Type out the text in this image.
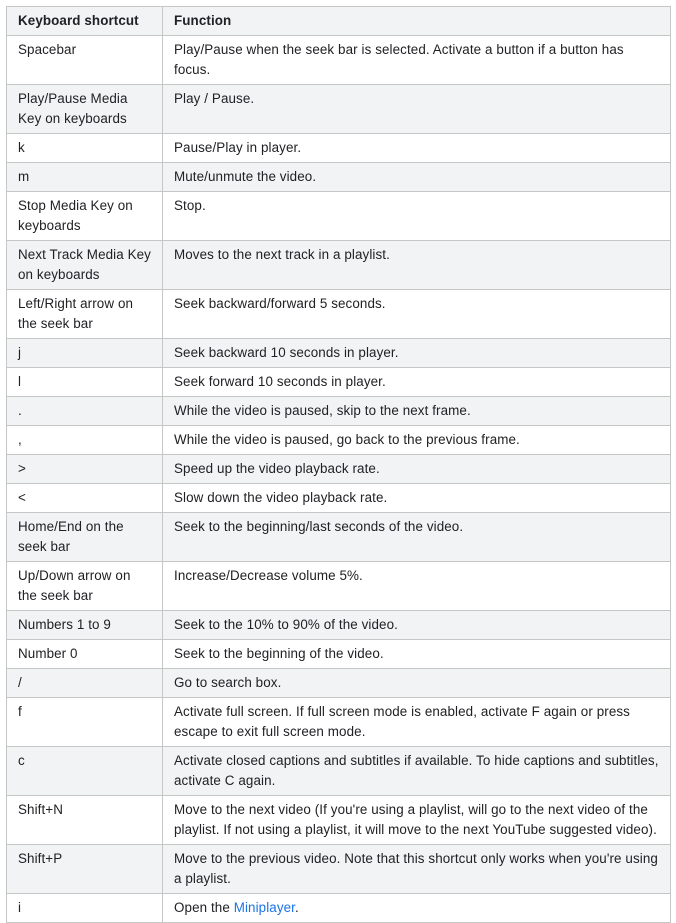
Keyboard shortcut	Function
Spacebar	Play/Pause when the seek bar is selected. Activate a button if a button has focus.
Play/Pause Media Key on keyboards	Play / Pause.
k	Pause/Play in player.
m	Mute/unmute the video.
Stop Media Key on keyboards	Stop.
Next Track Media Key on keyboards	Moves to the next track in a playlist.
Left/Right arrow on the seek bar	Seek backward/forward 5 seconds.
j	Seek backward 10 seconds in player.
l	Seek forward 10 seconds in player.
.	While the video is paused, skip to the next frame.
,	While the video is paused, go back to the previous frame.
>	Speed up the video playback rate.
<	Slow down the video playback rate.
Home/End on the seek bar	Seek to the beginning/last seconds of the video.
Up/Down arrow on the seek bar	Increase/Decrease volume 5%.
Numbers 1 to 9	Seek to the 10% to 90% of the video.
Number 0	Seek to the beginning of the video.
/	Go to search box.
f	Activate full screen. If full screen mode is enabled, activate F again or press escape to exit full screen mode.
c	Activate closed captions and subtitles if available. To hide captions and subtitles, activate C again.
Shift+N	Move to the next video (If you're using a playlist, will go to the next video of the playlist. If not using a playlist, it will move to the next YouTube suggested video).
Shift+P	Move to the previous video. Note that this shortcut only works when you're using a playlist.
i	Open the Miniplayer.
